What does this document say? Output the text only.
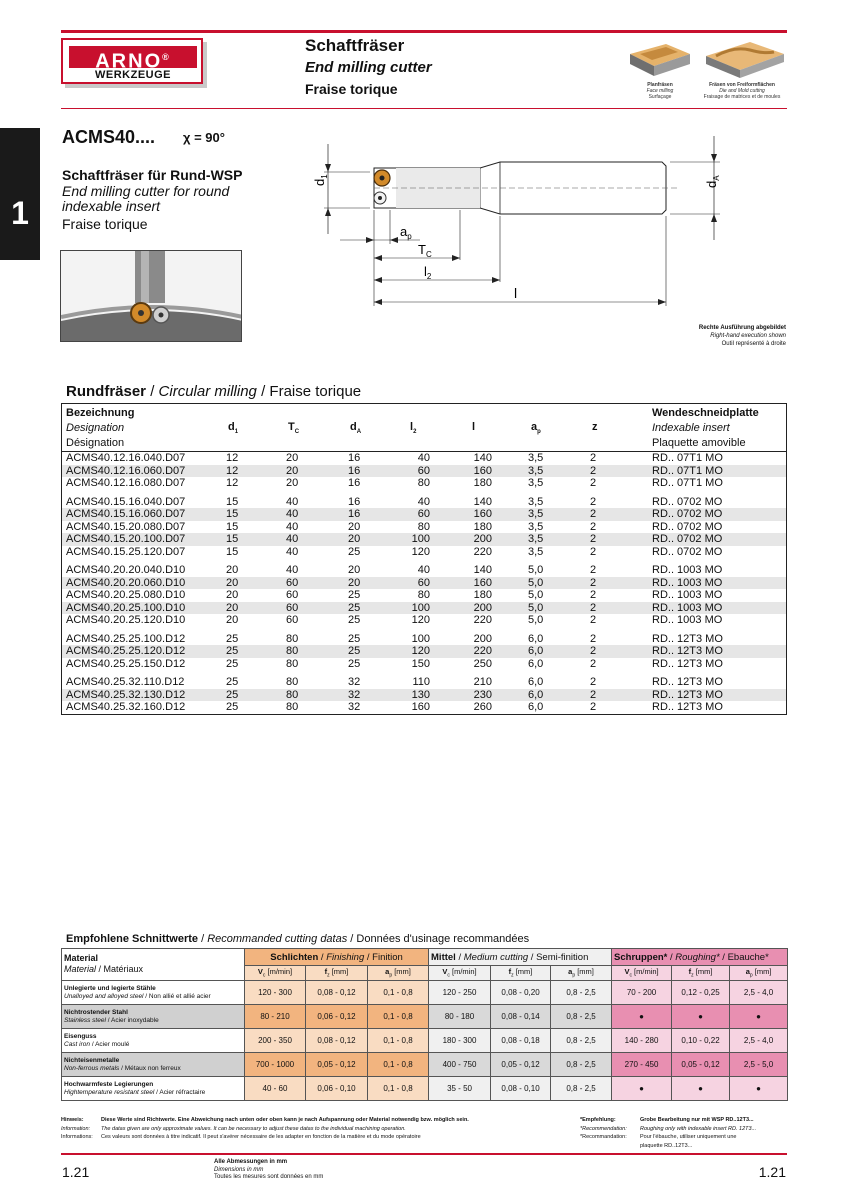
ARNO®
WERKZEUGE
Schaftfräser
End milling cutter
Fraise torique	Planfräsen
Face milling
Surfaçage
Fräsen von Freiformflächen
Die and Mold cutting
Fraisage de matrices et de moules
1
ACMS40.... χ = 90°
Schaftfräser für Rund-WSP
End milling cutter for round
indexable insert
Fraise torique
$d_1$
$d_A$
$a_p$
$T_C$
$l_2$
l
Rechte Ausführung abgebildet
Right-hand execution shown
Outil représenté à droite
Rundfräser / Circular milling / Fraise torique
Bezeichnung
Designation
Désignation
$d_1$	$T_C$	$d_A$	$l_2$	l	$a_p$	z
Wendeschneidplatte
Indexable insert
Plaquette amovible
ACMS40.12.16.040.D07	12	20	16	40	140	3,5	2	RD.. 07T1 MO
ACMS40.12.16.060.D07	12	20	16	60	160	3,5	2	RD.. 07T1 MO
ACMS40.12.16.080.D07	12	20	16	80	180	3,5	2	RD.. 07T1 MO
ACMS40.15.16.040.D07	15	40	16	40	140	3,5	2	RD.. 0702 MO
ACMS40.15.16.060.D07	15	40	16	60	160	3,5	2	RD.. 0702 MO
ACMS40.15.20.080.D07	15	40	20	80	180	3,5	2	RD.. 0702 MO
ACMS40.15.20.100.D07	15	40	20	100	200	3,5	2	RD.. 0702 MO
ACMS40.15.25.120.D07	15	40	25	120	220	3,5	2	RD.. 0702 MO
ACMS40.20.20.040.D10	20	40	20	40	140	5,0	2	RD.. 1003 MO
ACMS40.20.20.060.D10	20	60	20	60	160	5,0	2	RD.. 1003 MO
ACMS40.20.25.080.D10	20	60	25	80	180	5,0	2	RD.. 1003 MO
ACMS40.20.25.100.D10	20	60	25	100	200	5,0	2	RD.. 1003 MO
ACMS40.20.25.120.D10	20	60	25	120	220	5,0	2	RD.. 1003 MO
ACMS40.25.25.100.D12	25	80	25	100	200	6,0	2	RD.. 12T3 MO
ACMS40.25.25.120.D12	25	80	25	120	220	6,0	2	RD.. 12T3 MO
ACMS40.25.25.150.D12	25	80	25	150	250	6,0	2	RD.. 12T3 MO
ACMS40.25.32.110.D12	25	80	32	110	210	6,0	2	RD.. 12T3 MO
ACMS40.25.32.130.D12	25	80	32	130	230	6,0	2	RD.. 12T3 MO
ACMS40.25.32.160.D12	25	80	32	160	260	6,0	2	RD.. 12T3 MO
Empfohlene Schnittwerte / Recommanded cutting datas / Données d'usinage recommandées
Material
Material / Matériaux	Schlichten / Finishing / Finition			Mittel / Medium cutting / Semi-finition			Schruppen* / Roughing* / Ebauche*		
	$V_c$ [m/min]	$f_z$ [mm]	$a_p$ [mm]	$V_c$ [m/min]	$f_z$ [mm]	$a_p$ [mm]	$V_c$ [m/min]	$f_z$ [mm]	$a_p$ [mm]

Unlegierte und legierte Stähle
Unalloyed and alloyed steel / Non allié et allié acier	120 - 300	0,08 - 0,12	0,1 - 0,8	120 - 250	0,08 - 0,20	0,8 - 2,5	70 - 200	0,12 - 0,25	2,5 - 4,0

Nichtrostender Stahl
Stainless steel / Acier inoxydable	80 - 210	0,06 - 0,12	0,1 - 0,8	80 - 180	0,08 - 0,14	0,8 - 2,5	●	●	●

Eisenguss
Cast iron / Acier moulé	200 - 350	0,08 - 0,12	0,1 - 0,8	180 - 300	0,08 - 0,18	0,8 - 2,5	140 - 280	0,10 - 0,22	2,5 - 4,0

Nichteisenmetalle
Non-ferrous metals / Métaux non ferreux	700 - 1000	0,05 - 0,12	0,1 - 0,8	400 - 750	0,05 - 0,12	0,8 - 2,5	270 - 450	0,05 - 0,12	2,5 - 5,0

Hochwarmfeste Legierungen
Hightemperature resistant steel / Acier réfractaire	40 - 60	0,06 - 0,10	0,1 - 0,8	35 - 50	0,08 - 0,10	0,8 - 2,5	●	●	●
Hinweis:	Diese Werte sind Richtwerte. Eine Abweichung nach unten oder oben kann je nach Aufspannung oder Material notwendig bzw. möglich sein.
Information: The datas given are only approximate values. It can be necessary to adjust these datas to the individual machining operation.
Informations: Ces valeurs sont données à titre indicatif. Il peut s'avérer nécessaire de les adapter en fonction de la matière et du mode opératoire
*Empfehlung:	Grobe Bearbeitung nur mit WSP RD..12T3...
*Recommendation: Roughing only with indexable insert RD. 12T3...
*Recommandation: Pour l'ébauche, utiliser uniquement une
plaquette RD..12T3...
1.21
Alle Abmessungen in mm
Dimensions in mm
Toutes les mesures sont données en mm	1.21
